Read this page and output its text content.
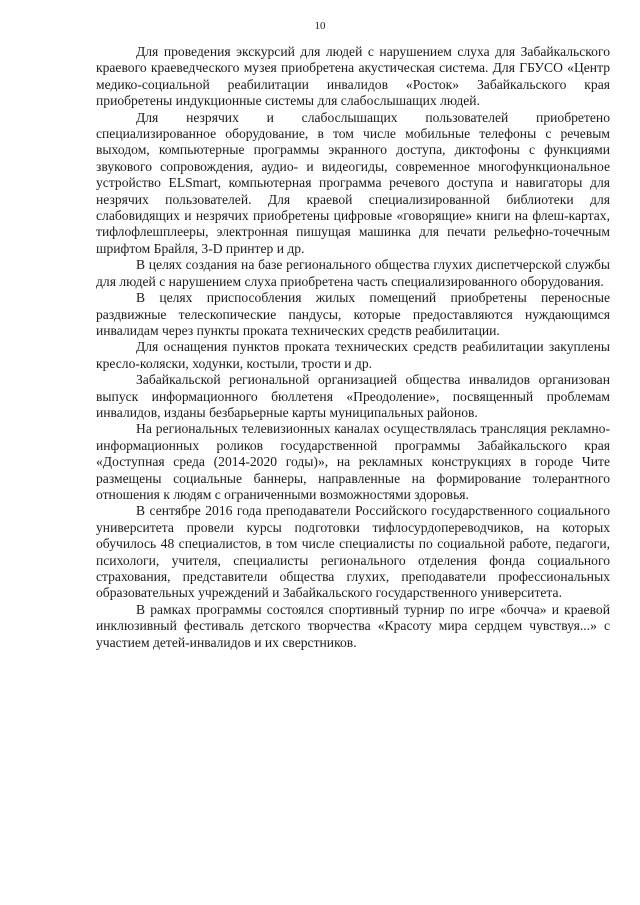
10

Для проведения экскурсий для людей с нарушением слуха для Забайкальского краевого краеведческого музея приобретена акустическая система. Для ГБУСО «Центр медико-социальной реабилитации инвалидов «Росток» Забайкальского края приобретены индукционные системы для слабослышащих людей.

Для незрячих и слабослышащих пользователей приобретено специализированное оборудование, в том числе мобильные телефоны с речевым выходом, компьютерные программы экранного доступа, диктофоны с функциями звукового сопровождения, аудио- и видеогиды, современное многофункциональное устройство ELSmart, компьютерная программа речевого доступа и навигаторы для незрячих пользователей. Для краевой специализированной библиотеки для слабовидящих и незрячих приобретены цифровые «говорящие» книги на флеш-картах, тифлофлешплееры, электронная пишущая машинка для печати рельефно-точечным шрифтом Брайля, 3-D принтер и др.

В целях создания на базе регионального общества глухих диспетчерской службы для людей с нарушением слуха приобретена часть специализированного оборудования.

В целях приспособления жилых помещений приобретены переносные раздвижные телескопические пандусы, которые предоставляются нуждающимся инвалидам через пункты проката технических средств реабилитации.

Для оснащения пунктов проката технических средств реабилитации закуплены кресло-коляски, ходунки, костыли, трости и др.

Забайкальской региональной организацией общества инвалидов организован выпуск информационного бюллетеня «Преодоление», посвященный проблемам инвалидов, изданы безбарьерные карты муниципальных районов.

На региональных телевизионных каналах осуществлялась трансляция рекламно-информационных роликов государственной программы Забайкальского края «Доступная среда (2014-2020 годы)», на рекламных конструкциях в городе Чите размещены социальные баннеры, направленные на формирование толерантного отношения к людям с ограниченными возможностями здоровья.

В сентябре 2016 года преподаватели Российского государственного социального университета провели курсы подготовки тифлосурдопереводчиков, на которых обучилось 48 специалистов, в том числе специалисты по социальной работе, педагоги, психологи, учителя, специалисты регионального отделения фонда социального страхования, представители общества глухих, преподаватели профессиональных образовательных учреждений и Забайкальского государственного университета.

В рамках программы состоялся спортивный турнир по игре «бочча» и краевой инклюзивный фестиваль детского творчества «Красоту мира сердцем чувствуя...» с участием детей-инвалидов и их сверстников.
